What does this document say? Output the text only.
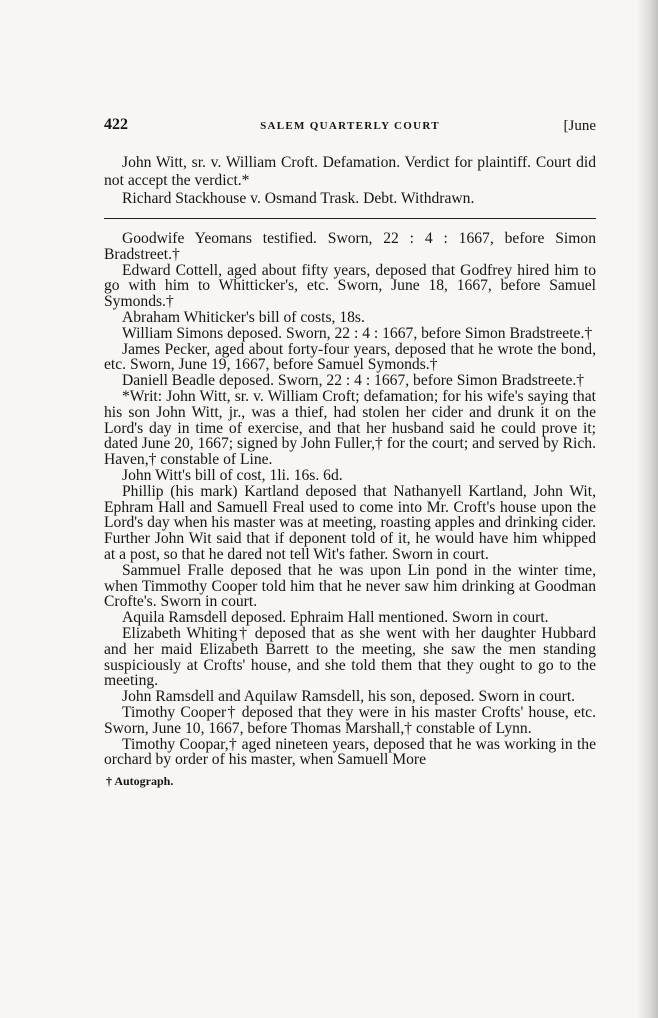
422	SALEM QUARTERLY COURT	[June

John Witt, sr. v. William Croft. Defamation. Verdict for plaintiff. Court did not accept the verdict.*

Richard Stackhouse v. Osmand Trask. Debt. Withdrawn.

Goodwife Yeomans testified. Sworn, 22 : 4 : 1667, before Simon Bradstreet.†

Edward Cottell, aged about fifty years, deposed that Godfrey hired him to go with him to Whitticker's, etc. Sworn, June 18, 1667, before Samuel Symonds.†

Abraham Whiticker's bill of costs, 18s.

William Simons deposed. Sworn, 22 : 4 : 1667, before Simon Bradstreete.†

James Pecker, aged about forty-four years, deposed that he wrote the bond, etc. Sworn, June 19, 1667, before Samuel Symonds.†

Daniell Beadle deposed. Sworn, 22 : 4 : 1667, before Simon Bradstreete.†

*Writ: John Witt, sr. v. William Croft; defamation; for his wife's saying that his son John Witt, jr., was a thief, had stolen her cider and drunk it on the Lord's day in time of exercise, and that her husband said he could prove it; dated June 20, 1667; signed by John Fuller,† for the court; and served by Rich. Haven,† constable of Line.

John Witt's bill of cost, 1li. 16s. 6d.

Phillip (his mark) Kartland deposed that Nathanyell Kartland, John Wit, Ephram Hall and Samuell Freal used to come into Mr. Croft's house upon the Lord's day when his master was at meeting, roasting apples and drinking cider. Further John Wit said that if deponent told of it, he would have him whipped at a post, so that he dared not tell Wit's father. Sworn in court.

Sammuel Fralle deposed that he was upon Lin pond in the winter time, when Timmothy Cooper told him that he never saw him drinking at Goodman Crofte's. Sworn in court.

Aquila Ramsdell deposed. Ephraim Hall mentioned. Sworn in court.

Elizabeth Whiting† deposed that as she went with her daughter Hubbard and her maid Elizabeth Barrett to the meeting, she saw the men standing suspiciously at Crofts' house, and she told them that they ought to go to the meeting.

John Ramsdell and Aquilaw Ramsdell, his son, deposed. Sworn in court.

Timothy Cooper† deposed that they were in his master Crofts' house, etc. Sworn, June 10, 1667, before Thomas Marshall,† constable of Lynn.

Timothy Coopar,† aged nineteen years, deposed that he was working in the orchard by order of his master, when Samuell More

† Autograph.
